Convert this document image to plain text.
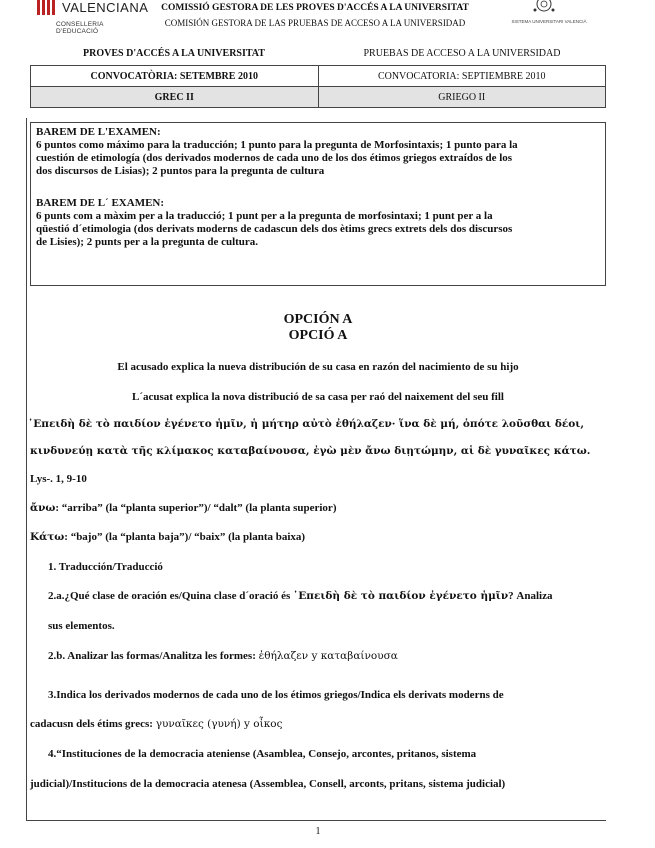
VALENCIANA
CONSELLERIA D'EDUCACIÓ
COMISSIÓ GESTORA DE LES PROVES D'ACCÉS A LA UNIVERSITAT
COMISIÓN GESTORA DE LAS PRUEBAS DE ACCESO A LA UNIVERSIDAD	SISTEMA UNIVERSITARI VALENCIÀ
PROVES D'ACCÉS A LA UNIVERSITAT	PRUEBAS DE ACCESO A LA UNIVERSIDAD
CONVOCATÒRIA: SETEMBRE 2010	CONVOCATORIA: SEPTIEMBRE 2010
GREC II	GRIEGO II
BAREM DE L'EXAMEN:
6 puntos como máximo para la traducción; 1 punto para la pregunta de Morfosintaxis; 1 punto para la
cuestión de etimología (dos derivados modernos de cada uno de los dos étimos griegos extraídos de los
dos discursos de Lisias); 2 puntos para la pregunta de cultura
BAREM DE L´ EXAMEN:
6 punts com a màxim per a la traducció; 1 punt per a la pregunta de morfosintaxi; 1 punt per a la
qüestió d´etimologia (dos derivats moderns de cadascun dels dos ètims grecs extrets dels dos discursos
de Lisies); 2 punts per a la pregunta de cultura.
OPCIÓN A
OPCIÓ A
El acusado explica la nueva distribución de su casa en razón del nacimiento de su hijo
L´acusat explica la nova distribució de sa casa per raó del naixement del seu fill
᾿Επειδὴ δὲ τὸ παιδίον ἐγένετο ἡμῖν, ἡ μήτηρ αὐτὸ ἐθήλαζεν· ἵνα δὲ μή, ὁπότε λοῦσθαι δέοι,
κινδυνεύῃ κατὰ τῆς κλίμακος καταβαίνουσα, ἐγὼ μὲν ἄνω διῃτώμην, αἱ δὲ γυναῖκες κάτω.
Lys-. 1, 9-10
ἄνω: “arriba” (la “planta superior”)/ “dalt” (la planta superior)
Κάτω: “bajo” (la “planta baja”)/ “baix” (la planta baixa)
1. Traducción/Traducció
2.a.¿Qué clase de oración es/Quina clase d´oració és ᾿Επειδὴ δὲ τὸ παιδίον ἐγένετο ἡμῖν? Analiza
sus elementos.
2.b. Analizar las formas/Analitza les formes: ἐθήλαζεν y καταβαίνουσα
3.Indica los derivados modernos de cada uno de los étimos griegos/Indica els derivats moderns de
cadacusn dels étims grecs: γυναῖκες (γυνή) y οἶκος
4.“Instituciones de la democracia ateniense (Asamblea, Consejo, arcontes, pritanos, sistema
judicial)/Institucions de la democracia atenesa (Assemblea, Consell, arconts, pritans, sistema judicial)
1
